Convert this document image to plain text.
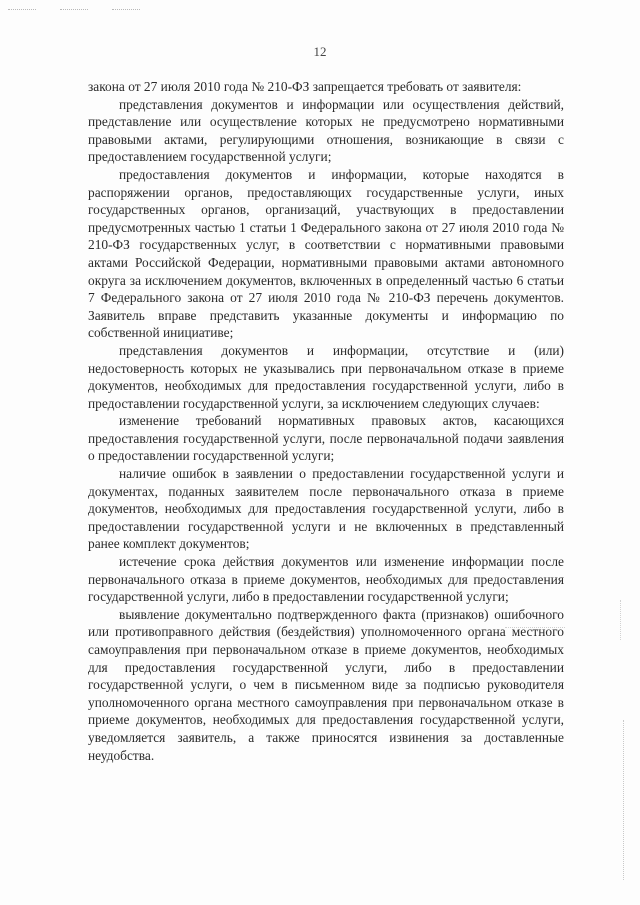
12

закона от 27 июля 2010 года № 210-ФЗ запрещается требовать от заявителя:

представления документов и информации или осуществления действий, представление или осуществление которых не предусмотрено нормативными правовыми актами, регулирующими отношения, возникающие в связи с предоставлением государственной услуги;

предоставления документов и информации, которые находятся в распоряжении органов, предоставляющих государственные услуги, иных государственных органов, организаций, участвующих в предоставлении предусмотренных частью 1 статьи 1 Федерального закона от 27 июля 2010 года № 210-ФЗ государственных услуг, в соответствии с нормативными правовыми актами Российской Федерации, нормативными правовыми актами автономного округа за исключением документов, включенных в определенный частью 6 статьи 7 Федерального закона от 27 июля 2010 года № 210-ФЗ перечень документов. Заявитель вправе представить указанные документы и информацию по собственной инициативе;

представления документов и информации, отсутствие и (или) недостоверность которых не указывались при первоначальном отказе в приеме документов, необходимых для предоставления государственной услуги, либо в предоставлении государственной услуги, за исключением следующих случаев:

изменение требований нормативных правовых актов, касающихся предоставления государственной услуги, после первоначальной подачи заявления о предоставлении государственной услуги;

наличие ошибок в заявлении о предоставлении государственной услуги и документах, поданных заявителем после первоначального отказа в приеме документов, необходимых для предоставления государственной услуги, либо в предоставлении государственной услуги и не включенных в представленный ранее комплект документов;

истечение срока действия документов или изменение информации после первоначального отказа в приеме документов, необходимых для предоставления государственной услуги, либо в предоставлении государственной услуги;

выявление документально подтвержденного факта (признаков) ошибочного или противоправного действия (бездействия) уполномоченного органа местного самоуправления при первоначальном отказе в приеме документов, необходимых для предоставления государственной услуги, либо в предоставлении государственной услуги, о чем в письменном виде за подписью руководителя уполномоченного органа местного самоуправления при первоначальном отказе в приеме документов, необходимых для предоставления государственной услуги, уведомляется заявитель, а также приносятся извинения за доставленные неудобства.
